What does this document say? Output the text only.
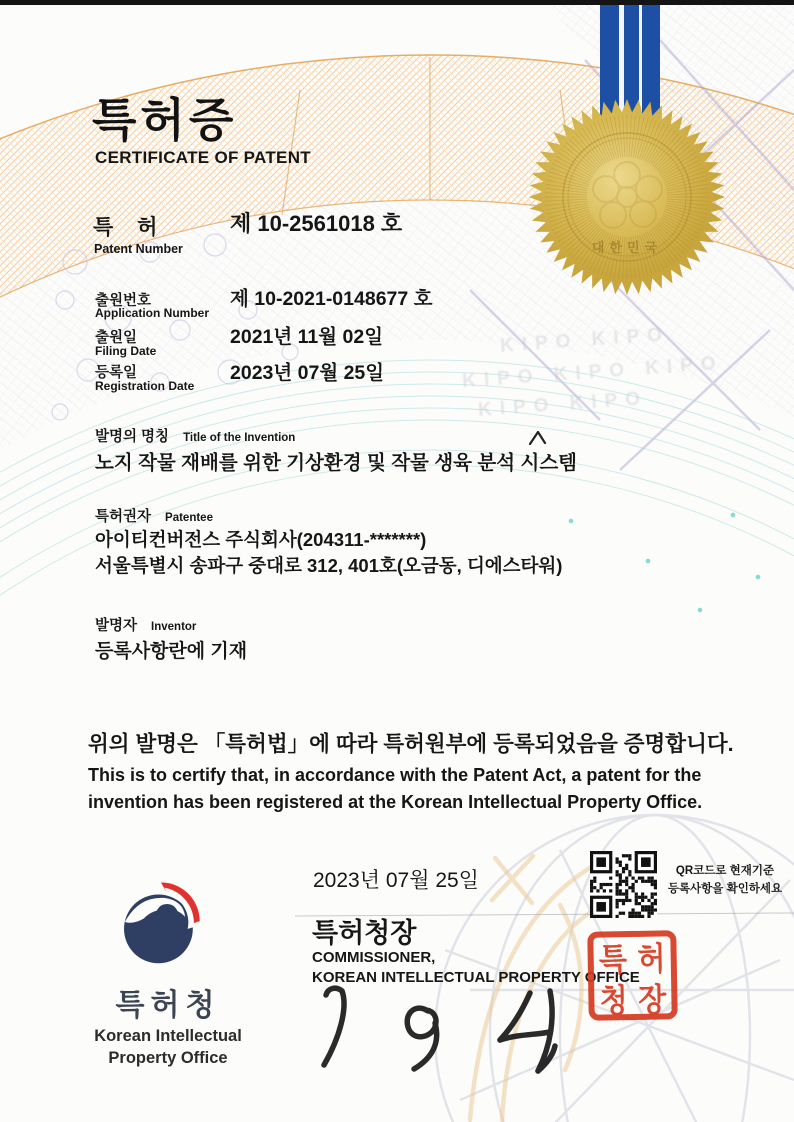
KIPO KIPO
KIPO KIPO KIPO
KIPO KIPO
대한민국
특허증
CERTIFICATE OF PATENT
특 허
Patent Number
제 10-2561018 호
출원번호
Application Number
제 10-2021-0148677 호
출원일
Filing Date
2021년 11월 02일
등록일
Registration Date
2023년 07월 25일
발명의 명칭 Title of the Invention
노지 작물 재배를 위한 기상환경 및 작물 생육 분석 시스템
특허권자 Patentee
아이티컨버전스 주식회사(204311-*******)
서울특별시 송파구 중대로 312, 401호(오금동, 디에스타워)
발명자 Inventor
등록사항란에 기재
위의 발명은 「특허법」에 따라 특허원부에 등록되었음을 증명합니다.
This is to certify that, in accordance with the Patent Act, a patent for the
invention has been registered at the Korean Intellectual Property Office.
2023년 07월 25일	QR코드로 현재기준
등록사항을 확인하세요
특허청장
COMMISSIONER,
KOREAN INTELLECTUAL PROPERTY OFFICE
특 허
청 장
특허청
Korean Intellectual
Property Office
